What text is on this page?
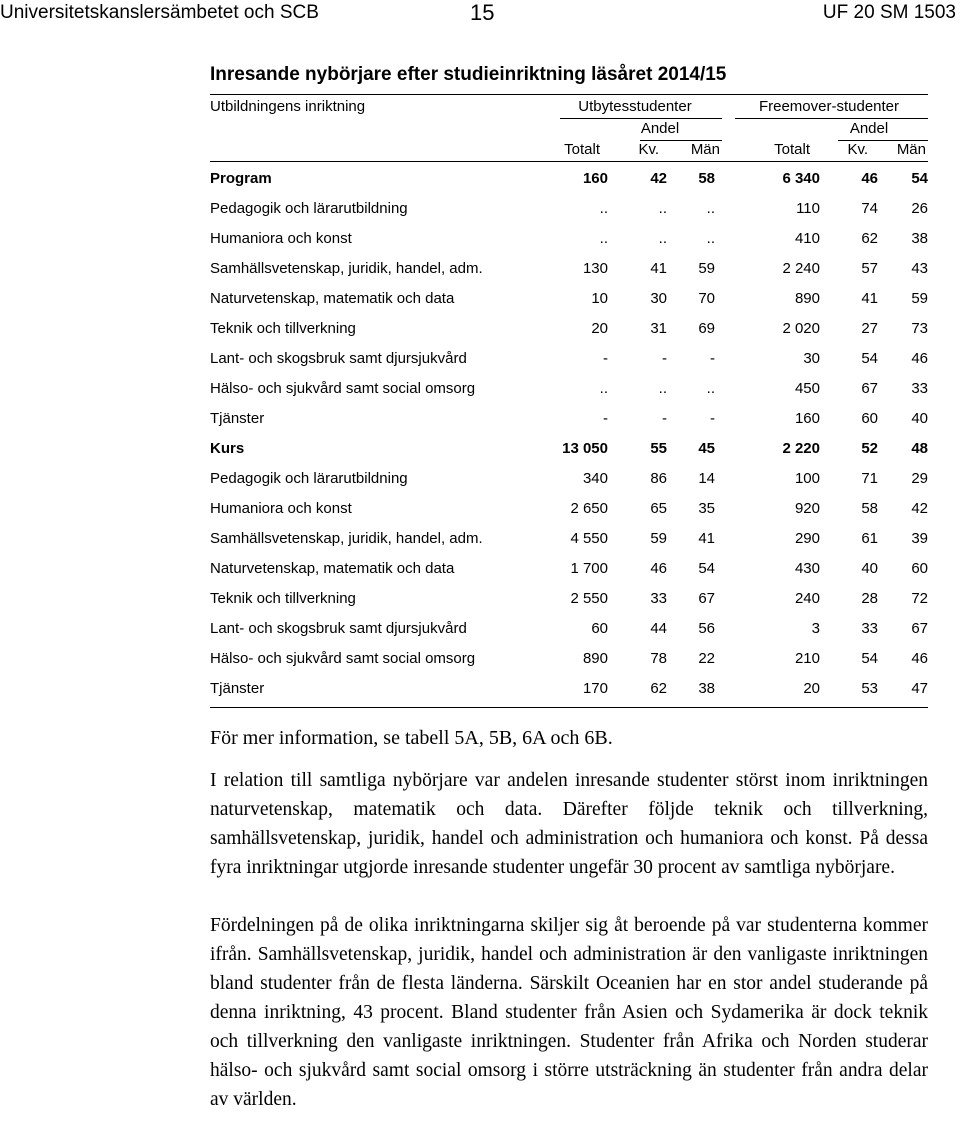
Universitetskanslersämbetet och SCB	15	UF 20 SM 1503
Inresande nybörjare efter studieinriktning läsåret 2014/15
Utbildningens inriktning	Utbytesstudenter	Freemover-studenter
Andel	Andel
Totalt	Kv. Män	Totalt Kv. Män
Program	160	42 58	6 340	46 54
Pedagogik och lärarutbildning	..	..	..	110	74 26
Humaniora och konst	..	..	..	410	62 38
Samhällsvetenskap, juridik, handel, adm.	130	41 59	2 240	57 43
Naturvetenskap, matematik och data	10	30 70	890	41 59
Teknik och tillverkning	20	31 69	2 020	27 73
Lant- och skogsbruk samt djursjukvård	-	-	-	30	54 46
Hälso- och sjukvård samt social omsorg	..	..	..	450	67 33
Tjänster	-	-	-	160	60 40
Kurs	13 050	55 45	2 220	52 48
Pedagogik och lärarutbildning	340	86 14	100	71 29
Humaniora och konst	2 650	65 35	920	58 42
Samhällsvetenskap, juridik, handel, adm.	4 550	59 41	290	61 39
Naturvetenskap, matematik och data	1 700	46 54	430	40 60
Teknik och tillverkning	2 550	33 67	240	28 72
Lant- och skogsbruk samt djursjukvård	60	44 56	3	33 67
Hälso- och sjukvård samt social omsorg	890	78 22	210	54 46
Tjänster	170	62 38	20	53 47
För mer information, se tabell 5A, 5B, 6A och 6B.
I relation till samtliga nybörjare var andelen inresande studenter störst inom inriktningen naturvetenskap, matematik och data. Därefter följde teknik och tillverkning, samhällsvetenskap, juridik, handel och administration och humaniora och konst. På dessa fyra inriktningar utgjorde inresande studenter ungefär 30 procent av samtliga nybörjare.
Fördelningen på de olika inriktningarna skiljer sig åt beroende på var studenterna kommer ifrån. Samhällsvetenskap, juridik, handel och administration är den vanligaste inriktningen bland studenter från de flesta länderna. Särskilt Oceanien har en stor andel studerande på denna inriktning, 43 procent. Bland studenter från Asien och Sydamerika är dock teknik och tillverkning den vanligaste inriktningen. Studenter från Afrika och Norden studerar hälso- och sjukvård samt social omsorg i större utsträckning än studenter från andra delar av världen.
